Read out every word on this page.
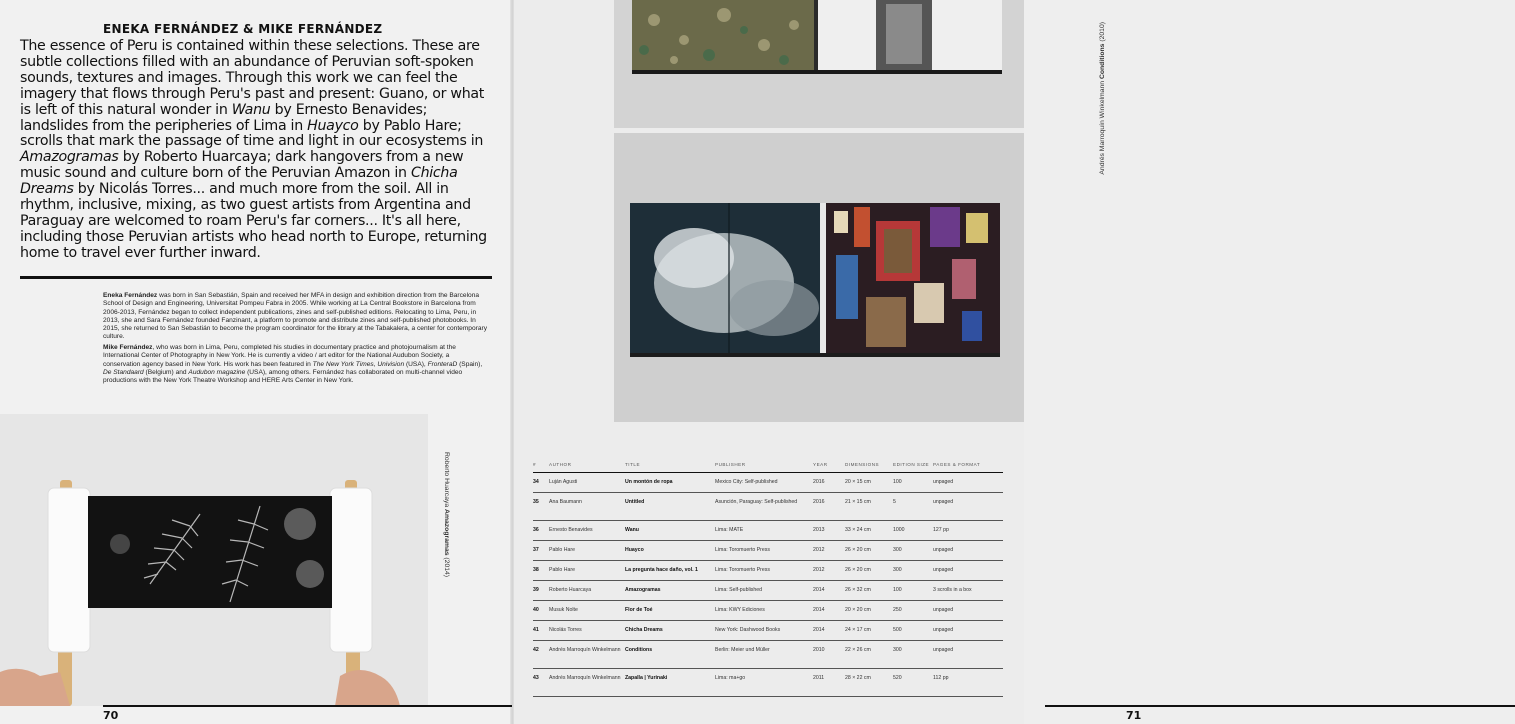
ENEKA FERNÁNDEZ & MIKE FERNÁNDEZ

The essence of Peru is contained within these selections. These are subtle collections filled with an abundance of Peruvian soft-spoken sounds, textures and images. Through this work we can feel the imagery that flows through Peru's past and present: Guano, or what is left of this natural wonder in Wanu by Ernesto Benavides; landslides from the peripheries of Lima in Huayco by Pablo Hare; scrolls that mark the passage of time and light in our ecosystems in Amazogramas by Roberto Huarcaya; dark hangovers from a new music sound and culture born of the Peruvian Amazon in Chicha Dreams by Nicolás Torres... and much more from the soil. All in rhythm, inclusive, mixing, as two guest artists from Argentina and Paraguay are welcomed to roam Peru's far corners... It's all here, including those Peruvian artists who head north to Europe, returning home to travel ever further inward.

Eneka Fernández was born in San Sebastián, Spain and received her MFA in design and exhibition direction from the Barcelona School of Design and Engineering, Universitat Pompeu Fabra in 2005. While working at La Central Bookstore in Barcelona from 2006-2013, Fernández began to collect independent publications, zines and self-published editions. Relocating to Lima, Peru, in 2013, she and Sara Fernández founded Fanzinant, a platform to promote and distribute zines and self-published photobooks. In 2015, she returned to San Sebastián to become the program coordinator for the library at the Tabakalera, a center for contemporary culture.

Mike Fernández, who was born in Lima, Peru, completed his studies in documentary practice and photojournalism at the International Center of Photography in New York. He is currently a video / art editor for the National Audubon Society, a conservation agency based in New York. His work has been featured in The New York Times, Univision (USA), FronteraD (Spain), De Standaard (Belgium) and Audubon magazine (USA), among others. Fernández has collaborated on multi-channel video productions with the New York Theatre Workshop and HERE Arts Center in New York.

Roberto Huarcaya Amazogramas (2014)
70
Andrés Marroquín Winkelmann Conditions (2010)
71
#	AUTHOR	TITLE	PUBLISHER	YEAR	DIMENSIONS	EDITION SIZE	PAGES & FORMAT
34	Luján Agusti	Un montón de ropa	Mexico City: Self-published	2016	20 × 15 cm	100	unpaged
35	Ana Baumann	Untitled	Asunción, Paraguay: Self-published	2016	21 × 15 cm	5	unpaged
36	Ernesto Benavides	Wanu	Lima: MATE	2013	33 × 24 cm	1000	127 pp
37	Pablo Hare	Huayco	Lima: Toromuerto Press	2012	26 × 20 cm	300	unpaged
38	Pablo Hare	La pregunta hace daño, vol. 1	Lima: Toromuerto Press	2012	26 × 20 cm	300	unpaged
39	Roberto Huarcaya	Amazogramas	Lima: Self-published	2014	26 × 32 cm	100	3 scrolls in a box
40	Musuk Nolte	Flor de Toé	Lima: KWY Ediciones	2014	20 × 20 cm	250	unpaged
41	Nicolás Torres	Chicha Dreams	New York: Dashwood Books	2014	24 × 17 cm	500	unpaged
42	Andrés Marroquín Winkelmann	Conditions	Berlin: Meier und Müller	2010	22 × 26 cm	300	unpaged
43	Andrés Marroquín Winkelmann	Zapalla | Yurinaki	Lima: ma+go	2011	28 × 22 cm	520	112 pp
